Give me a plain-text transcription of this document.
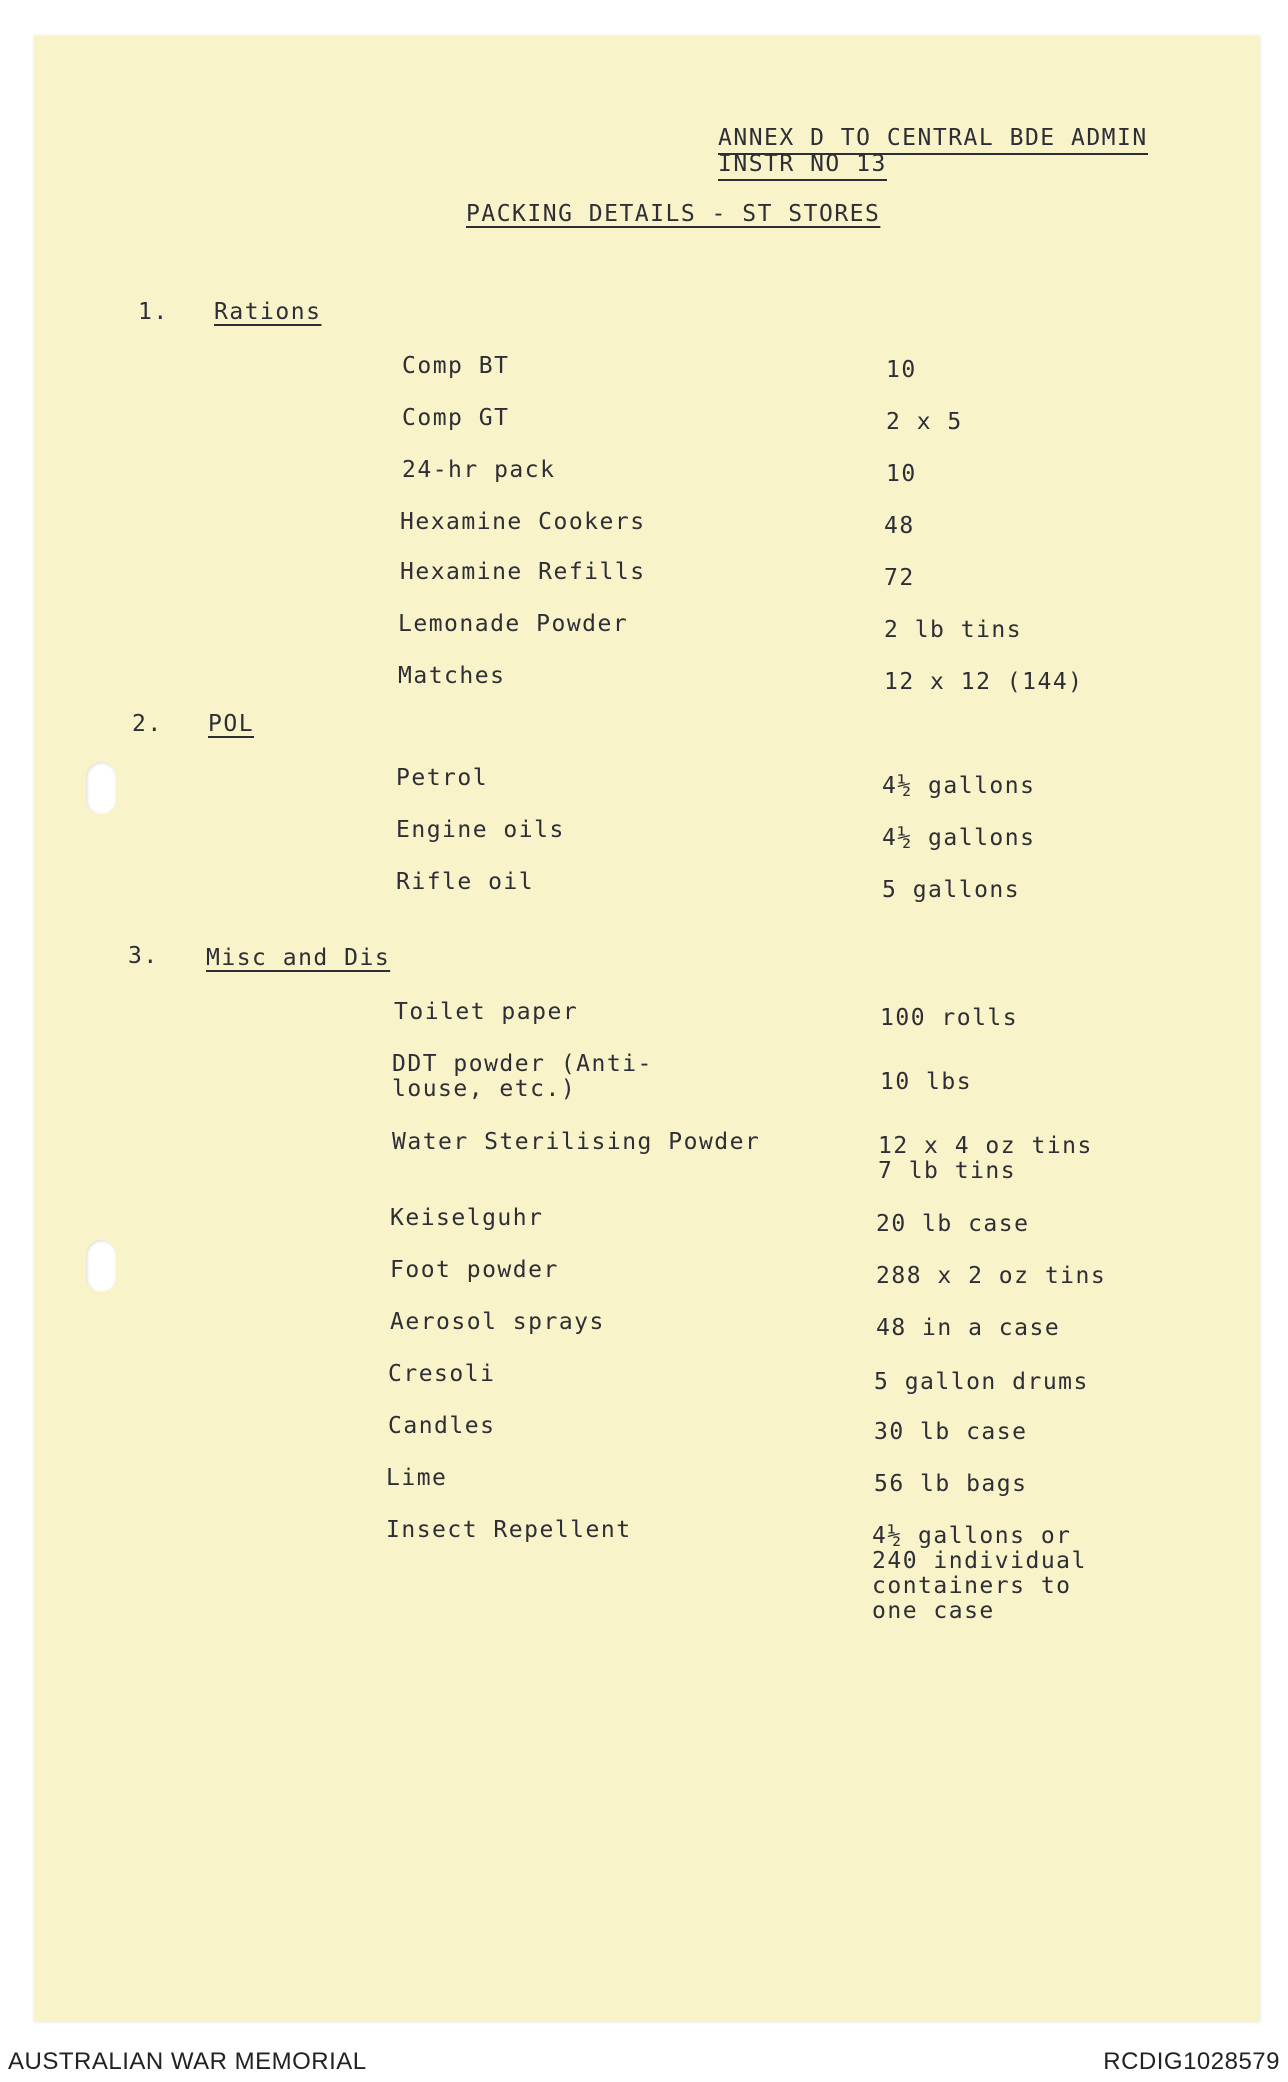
ANNEX D TO CENTRAL BDE ADMIN
INSTR NO 13
PACKING DETAILS - ST STORES
1. Rations
Comp BT	10
Comp GT	2 x 5
24-hr pack	10
Hexamine Cookers	48
Hexamine Refills	72
Lemonade Powder	2 lb tins
Matches	12 x 12 (144)
2. POL
Petrol	4½ gallons
Engine oils	4½ gallons
Rifle oil	5 gallons
3. Misc and Dis
Toilet paper	100 rolls
DDT powder (Anti-
louse, etc.)	10 lbs
Water Sterilising Powder	12 x 4 oz tins
7 lb tins
Keiselguhr	20 lb case
Foot powder	288 x 2 oz tins
Aerosol sprays	48 in a case
Cresoli	5 gallon drums
Candles	30 lb case
Lime	56 lb bags
Insect Repellent	4½ gallons or
240 individual
containers to
one case
AUSTRALIAN WAR MEMORIAL	RCDIG1028579
